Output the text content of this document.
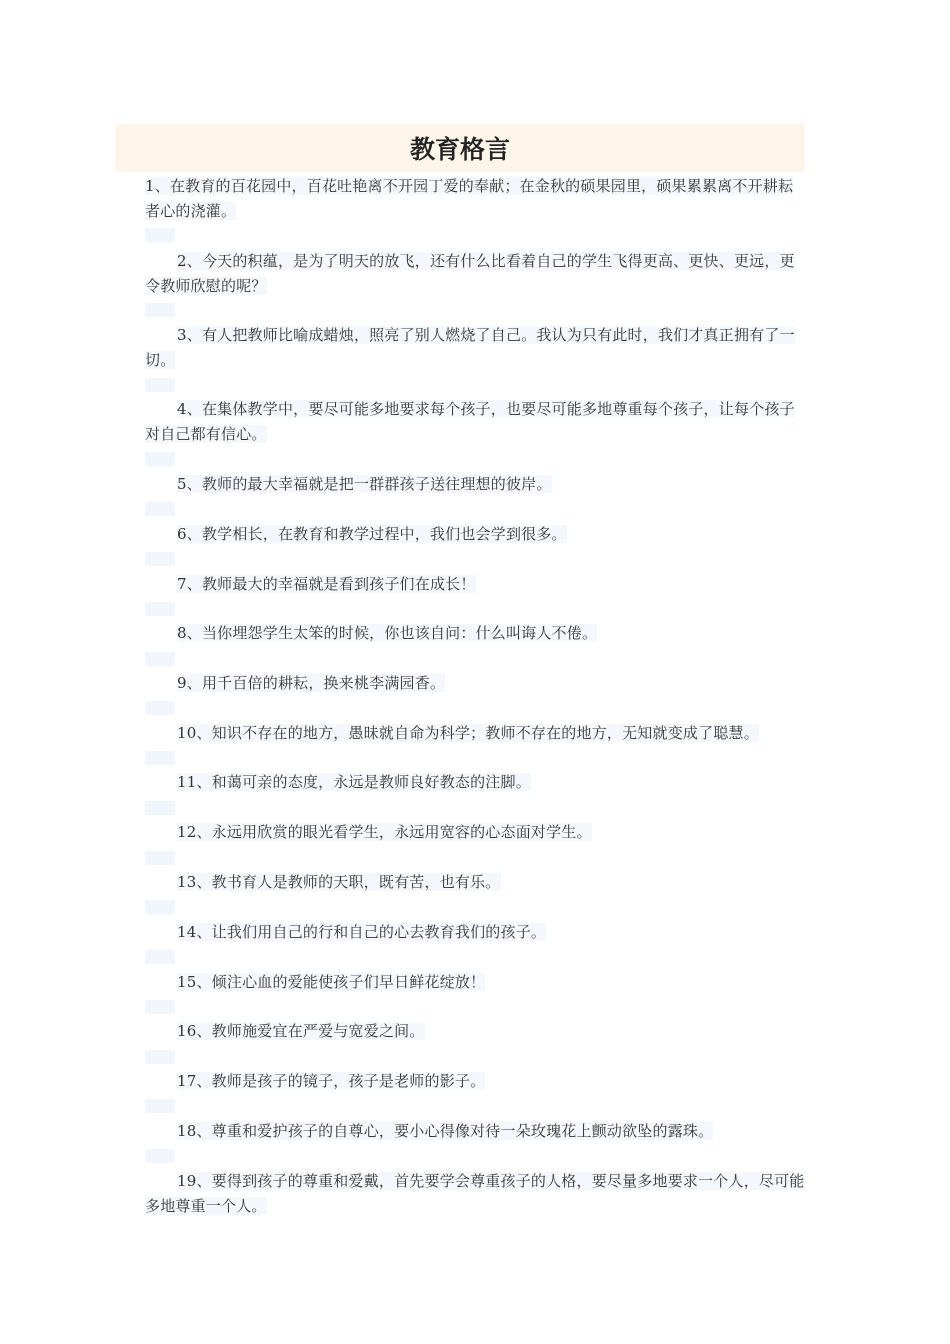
教育格言
1、在教育的百花园中，百花吐艳离不开园丁爱的奉献；在金秋的硕果园里，硕果累累离不开耕耘者心的浇灌。
2、今天的积蕴，是为了明天的放飞，还有什么比看着自己的学生飞得更高、更快、更远，更令教师欣慰的呢？
3、有人把教师比喻成蜡烛，照亮了别人燃烧了自己。我认为只有此时，我们才真正拥有了一切。
4、在集体教学中，要尽可能多地要求每个孩子，也要尽可能多地尊重每个孩子，让每个孩子对自己都有信心。
5、教师的最大幸福就是把一群群孩子送往理想的彼岸。
6、教学相长，在教育和教学过程中，我们也会学到很多。
7、教师最大的幸福就是看到孩子们在成长！
8、当你埋怨学生太笨的时候，你也该自问：什么叫诲人不倦。
9、用千百倍的耕耘，换来桃李满园香。
10、知识不存在的地方，愚昧就自命为科学；教师不存在的地方，无知就变成了聪慧。
11、和蔼可亲的态度，永远是教师良好教态的注脚。
12、永远用欣赏的眼光看学生，永远用宽容的心态面对学生。
13、教书育人是教师的天职，既有苦，也有乐。
14、让我们用自己的行和自己的心去教育我们的孩子。
15、倾注心血的爱能使孩子们早日鲜花绽放！
16、教师施爱宜在严爱与宽爱之间。
17、教师是孩子的镜子，孩子是老师的影子。
18、尊重和爱护孩子的自尊心，要小心得像对待一朵玫瑰花上颤动欲坠的露珠。
19、要得到孩子的尊重和爱戴，首先要学会尊重孩子的人格，要尽量多地要求一个人，尽可能多地尊重一个人。
